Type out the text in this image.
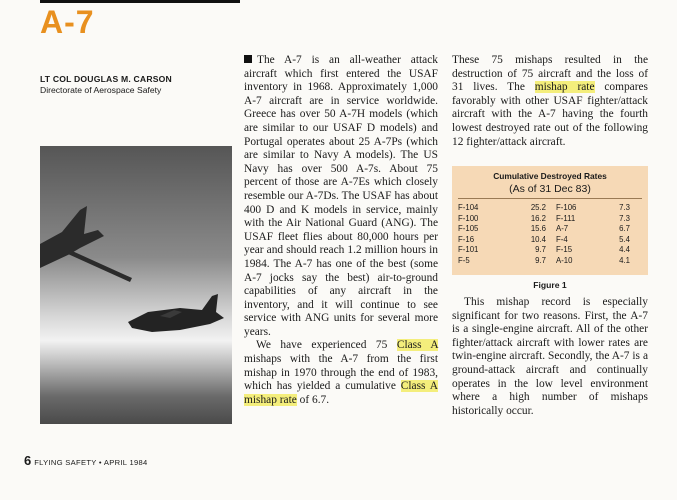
A-7
LT COL DOUGLAS M. CARSON
Directorate of Aerospace Safety

The A-7 is an all-weather attack aircraft which first entered the USAF inventory in 1968. Approximately 1,000 A-7 aircraft are in service worldwide. Greece has over 50 A-7H models (which are similar to our USAF D models) and Portugal operates about 25 A-7Ps (which are similar to Navy A models). The US Navy has over 500 A-7s. About 75 percent of those are A-7Es which closely resemble our A-7Ds. The USAF has about 400 D and K models in service, mainly with the Air National Guard (ANG). The USAF fleet flies about 80,000 hours per year and should reach 1.2 million hours in 1984. The A-7 has one of the best (some A-7 jocks say the best) air-to-ground capabilities of any aircraft in the inventory, and it will continue to see service with ANG units for several more years.

We have experienced 75 Class A mishaps with the A-7 from the first mishap in 1970 through the end of 1983, which has yielded a cumulative Class A mishap rate of 6.7.

These 75 mishaps resulted in the destruction of 75 aircraft and the loss of 31 lives. The mishap rate compares favorably with other USAF fighter/attack aircraft with the A-7 having the fourth lowest destroyed rate out of the following 12 fighter/attack aircraft.

Cumulative Destroyed Rates
(As of 31 Dec 83)
F-104	25.2 F-106	7.3
F-100	16.2 F-111	7.3
F-105	15.6 A-7	6.7
F-16	10.4 F-4	5.4
F-101	9.7 F-15	4.4
F-5	9.7 A-10	4.1
Figure 1

This mishap record is especially significant for two reasons. First, the A-7 is a single-engine aircraft. All of the other fighter/attack aircraft with lower rates are twin-engine aircraft. Secondly, the A-7 is a ground-attack aircraft and continually operates in the low level environment where a high number of mishaps historically occur.

6 FLYING SAFETY • APRIL 1984
